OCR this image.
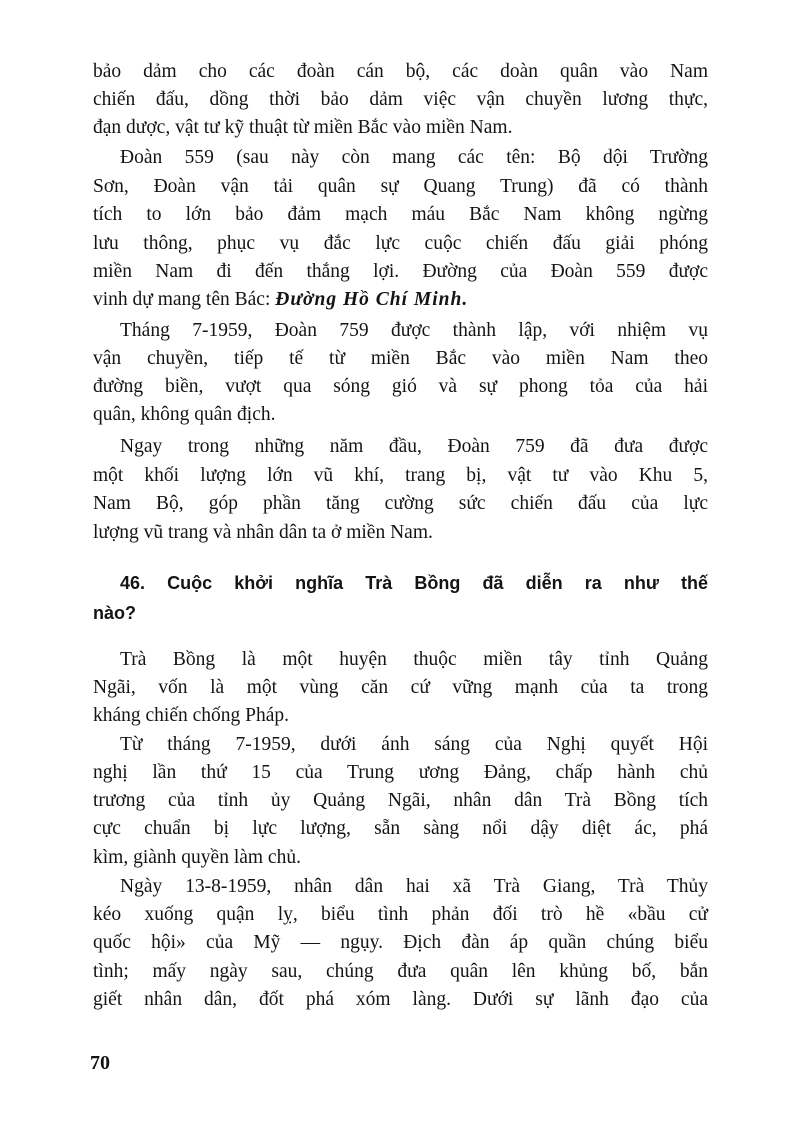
bảo dảm cho các đoàn cán bộ, các doàn quân vào Nam
chiến đấu, dồng thời bảo dảm việc vận chuyền lương thực,
đạn dược, vật tư kỹ thuật từ miền Bắc vào miền Nam.
Đoàn 559 (sau này còn mang các tên: Bộ dội Trường
Sơn, Đoàn vận tải quân sự Quang Trung) đã có thành
tích to lớn bảo đảm mạch máu Bắc Nam không ngừng
lưu thông, phục vụ đắc lực cuộc chiến đấu giải phóng
miền Nam đi đến thắng lợi. Đường của Đoàn 559 được
vinh dự mang tên Bác: Đường Hồ Chí Minh.
Tháng 7-1959, Đoàn 759 được thành lập, với nhiệm vụ
vận chuyền, tiếp tế từ miền Bắc vào miền Nam theo
đường biền, vượt qua sóng gió và sự phong tỏa của hải
quân, không quân địch.
Ngay trong những năm đầu, Đoàn 759 đã đưa được
một khối lượng lớn vũ khí, trang bị, vật tư vào Khu 5,
Nam Bộ, góp phần tăng cường sức chiến đấu của lực
lượng vũ trang và nhân dân ta ở miền Nam.
46. Cuộc khởi nghĩa Trà Bồng đã diễn ra như thế
nào?
Trà Bồng là một huyện thuộc miền tây tỉnh Quảng
Ngãi, vốn là một vùng căn cứ vững mạnh của ta trong
kháng chiến chống Pháp.
Từ tháng 7-1959, dưới ánh sáng của Nghị quyết Hội
nghị lần thứ 15 của Trung ương Đảng, chấp hành chủ
trương của tỉnh ủy Quảng Ngãi, nhân dân Trà Bồng tích
cực chuẩn bị lực lượng, sẵn sàng nổi dậy diệt ác, phá
kìm, giành quyền làm chủ.
Ngày 13-8-1959, nhân dân hai xã Trà Giang, Trà Thủy
kéo xuống quận lỵ, biểu tình phản đối trò hề «bầu cử
quốc hội» của Mỹ — ngụy. Địch đàn áp quần chúng biểu
tình; mấy ngày sau, chúng đưa quân lên khủng bố, bắn
giết nhân dân, đốt phá xóm làng. Dưới sự lãnh đạo của
70
